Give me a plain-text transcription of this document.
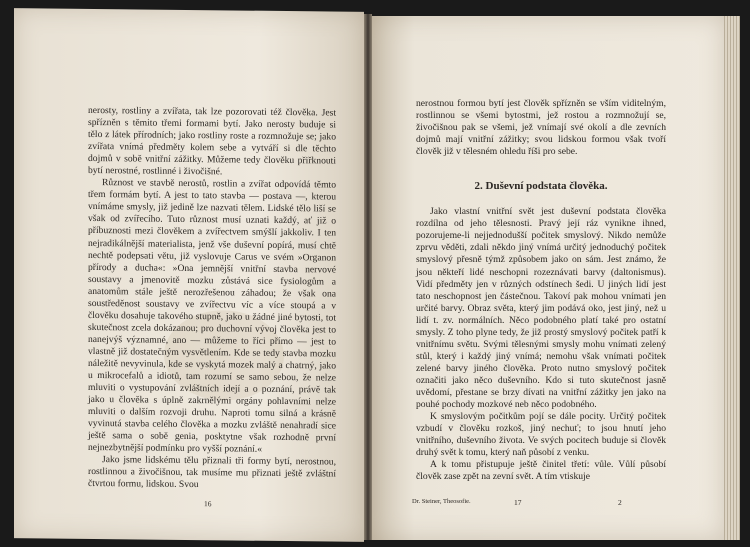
nerosty, rostliny a zvířata, tak lze pozorovati též člověka. Jest spřízněn s těmito třemi formami bytí. Jako nerosty buduje si tělo z látek přírodních; jako rostliny roste a rozmnožuje se; jako zvířata vnímá předměty kolem sebe a vytváří si dle těchto dojmů v sobě vnitřní zážitky. Můžeme tedy člověku přiřknouti bytí nerostné, rostlinné i živočišné.

Různost ve stavbě nerostů, rostlin a zvířat odpovídá těmto třem formám bytí. A jest to tato stavba — postava —, kterou vnímáme smysly, již jedině lze nazvati tělem. Lidské tělo liší se však od zvířecího. Tuto různost musí uznati každý, ať již o příbuznosti mezi člověkem a zvířectvem smýšlí jakkoliv. I ten nejradikálnější materialista, jenž vše duševní popírá, musí chtě nechtě podepsati větu, již vyslovuje Carus ve svém »Organon přírody a ducha«: »Ona jemnější vnitřní stavba nervové soustavy a jmenovitě mozku zůstává sice fysiologům a anatomům stále ještě nerozřešenou záhadou; že však ona soustředěnost soustavy ve zvířectvu víc a více stoupá a v člověku dosahuje takového stupně, jako u žádné jiné bytosti, tot skutečnost zcela dokázanou; pro duchovní vývoj člověka jest to nanejvýš významné, ano — můžeme to říci přímo — jest to vlastně již dostatečným vysvětlením. Kde se tedy stavba mozku náležitě nevyvinula, kde se vyskytá mozek malý a chatrný, jako u mikrocefalů a idiotů, tam rozumí se samo sebou, že nelze mluviti o vystupování zvláštních idejí a o poznání, právě tak jako u člověka s úplně zakrnělými orgány pohlavními nelze mluviti o dalším rozvoji druhu. Naproti tomu silná a krásně vyvinutá stavba celého člověka a mozku zvláště nenahradí sice ještě sama o sobě genia, posktytne však rozhodně první nejnezbytnější podmínku pro vyšší poznání.«

Jako jsme lidskému tělu přiznali tři formy bytí, nerostnou, rostlinnou a živočišnou, tak musíme mu přiznati ještě zvláštní čtvrtou formu, lidskou. Svou

16

nerostnou formou bytí jest člověk spřízněn se vším viditelným, rostlinnou se všemi bytostmi, jež rostou a rozmnožují se, živočišnou pak se všemi, jež vnímají své okolí a dle zevních dojmů mají vnitřní zážitky; svou lidskou formou však tvoří člověk již v tělesném ohledu říši pro sebe.

2. Duševní podstata člověka.

Jako vlastní vnitřní svět jest duševní podstata člověka rozdílna od jeho tělesnosti. Pravý její ráz vynikne ihned, pozorujeme-li nejjednodušší počitek smyslový. Nikdo nemůže zprvu věděti, zdali někdo jiný vnímá určitý jednoduchý počitek smyslový přesně týmž způsobem jako on sám. Jest známo, že jsou někteří lidé neschopni rozeznávati barvy (daltonismus). Vidí předměty jen v různých odstínech šedi. U jiných lidí jest tato neschopnost jen částečnou. Takoví pak mohou vnímati jen určité barvy. Obraz světa, který jim podává oko, jest jiný, než u lidí t. zv. normálních. Něco podobného platí také pro ostatní smysly. Z toho plyne tedy, že již prostý smyslový počitek patří k vnitřnímu světu. Svými tělesnými smysly mohu vnímati zelený stůl, který i každý jiný vnímá; nemohu však vnímati počitek zelené barvy jiného člověka. Proto nutno smyslový počitek označiti jako něco duševního. Kdo si tuto skutečnost jasně uvědomí, přestane se brzy dívati na vnitřní zážitky jen jako na pouhé pochody mozkové neb něco podobného.

K smyslovým počitkům pojí se dále pocity. Určitý počitek vzbudí v člověku rozkoš, jiný nechuť; to jsou hnutí jeho vnitřního, duševního života. Ve svých pocitech buduje si člověk druhý svět k tomu, který naň působí z venku.

A k tomu přistupuje ještě činitel třetí: vůle. Vůlí působí člověk zase zpět na zevní svět. A tím vtiskuje

Dr. Steiner, Theosofie.	17	2
